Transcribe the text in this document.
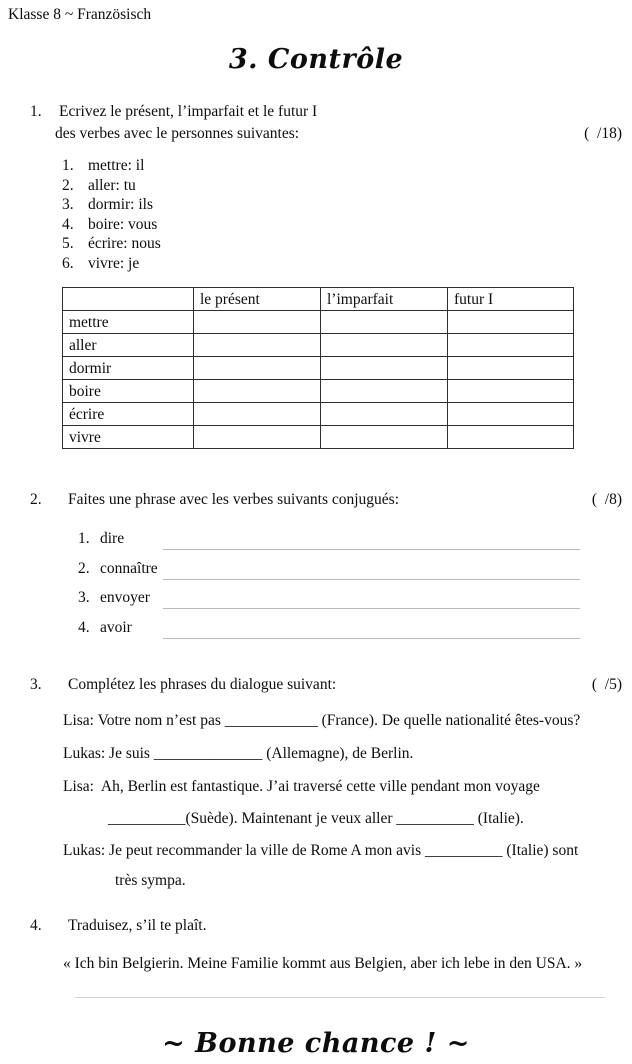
Klasse 8 ~ Französisch
3. Contrôle
1. Ecrivez le présent, l’imparfait et le futur I
des verbes avec le personnes suivantes:	(  /18)
1. mettre: il
2. aller: tu
3. dormir: ils
4. boire: vous
5. écrire: nous
6. vivre: je
	le présent	l’imparfait	futur I
mettre			
aller			
dormir			
boire			
écrire			
vivre			
2. Faites une phrase avec les verbes suivants conjugués:	(  /8)
1. dire
2. connaître
3. envoyer
4. avoir
3. Complétez les phrases du dialogue suivant:	(  /5)
Lisa: Votre nom n’est pas ____________ (France). De quelle nationalité êtes-vous?
Lukas: Je suis ______________ (Allemagne), de Berlin.
Lisa:  Ah, Berlin est fantastique. J’ai traversé cette ville pendant mon voyage
__________(Suède). Maintenant je veux aller __________ (Italie).
Lukas: Je peut recommander la ville de Rome A mon avis __________ (Italie) sont
très sympa.
4. Traduisez, s’il te plaît.
« Ich bin Belgierin. Meine Familie kommt aus Belgien, aber ich lebe in den USA. »
~ Bonne chance ! ~
